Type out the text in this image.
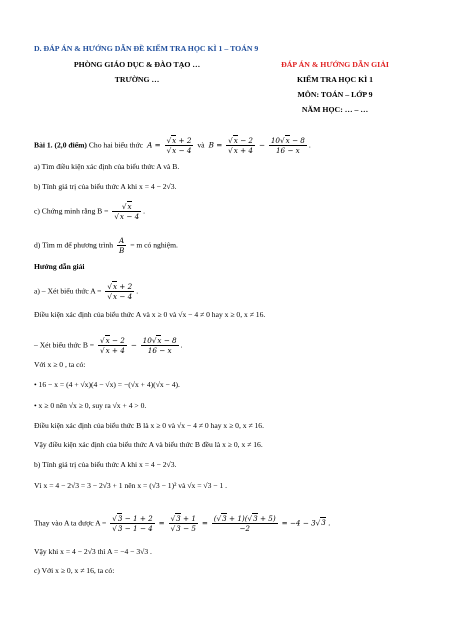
D. ĐÁP ÁN & HƯỚNG DẪN ĐỀ KIỂM TRA HỌC KÌ 1 – TOÁN 9
PHÒNG GIÁO DỤC & ĐÀO TẠO …
TRƯỜNG …
ĐÁP ÁN & HƯỚNG DẪN GIẢI
KIỂM TRA HỌC KÌ 1
MÔN: TOÁN – LỚP 9
NĂM HỌC: … – …
Bài 1. (2,0 điểm) Cho hai biểu thức  $A = \frac{√x + 2}{√x - 4}$ và  $B = \frac{√x - 2}{√x + 4} - \frac{10√x - 8}{16 - x}$ .
a) Tìm điều kiện xác định của biểu thức A và B.
b) Tính giá trị của biểu thức A khi x = 4 − 2√3.
c) Chứng minh rằng $B = \frac{√x}{√x - 4}$ .
d) Tìm m để phương trình $\frac{A}{B} = m$ có nghiệm.
Hướng dẫn giải
a) – Xét biểu thức $A = \frac{√x + 2}{√x - 4}$ .
Điều kiện xác định của biểu thức A và x ≥ 0 và √x − 4 ≠ 0 hay x ≥ 0, x ≠ 16.
– Xét biểu thức $B = \frac{√x - 2}{√x + 4} - \frac{10√x - 8}{16 - x}$ .
Với x ≥ 0 , ta có:
• 16 − x = (4 + √x)(4 − √x) = −(√x + 4)(√x − 4).
• x ≥ 0 nên √x ≥ 0, suy ra √x + 4 > 0.
Điều kiện xác định của biểu thức B là x ≥ 0 và √x − 4 ≠ 0 hay x ≥ 0, x ≠ 16.
Vậy điều kiện xác định của biểu thức A và biểu thức B đều là x ≥ 0, x ≠ 16.
b) Tính giá trị của biểu thức A khi x = 4 − 2√3.
Vì x = 4 − 2√3 = 3 − 2√3 + 1 nên x = (√3 − 1)² và √x = √3 − 1 .
Thay vào A ta được $A = \frac{√3 - 1 + 2}{√3 - 1 - 4} = \frac{√3 + 1}{√3 - 5} = \frac{(√3 + 1)(√3 + 5)}{-2} = -4 - 3√3$ .
Vậy khi x = 4 − 2√3 thì A = −4 − 3√3 .
c) Với x ≥ 0, x ≠ 16, ta có:
